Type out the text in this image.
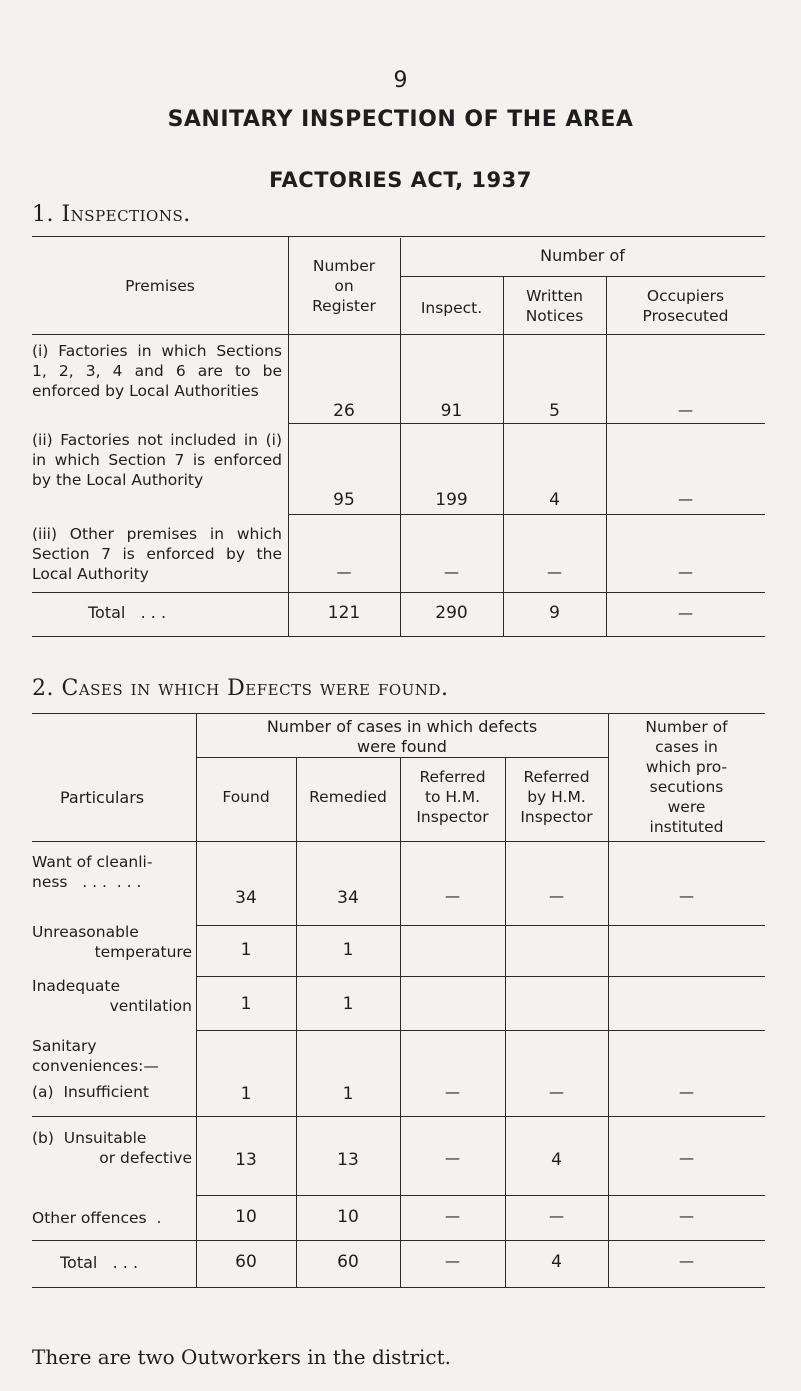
9
SANITARY INSPECTION OF THE AREA
FACTORIES ACT, 1937
1. Inspections.
Premises
Number
on
Register
Number of
Inspect.
Written
Notices
Occupiers
Prosecuted
(i) Factories in which Sections 1, 2, 3, 4 and 6 are to be enforced by Local Authorities
26	91	5	—
(ii) Factories not included in (i) in which Section 7 is enforced by the Local Authority
95	199	4	—
(iii) Other premises in which Section 7 is enforced by the Local Authority	—	—	—	—
Total   . . .	121	290	9	—
2. Cases in which Defects were found.
Particulars
Number of cases in which defects
were found
Found	Remedied
Referred
to H.M.
Inspector
Referred
by H.M.
Inspector
Number of
cases in
which pro-
secutions
were
instituted
Want of cleanli-
ness   . . .  . . .
34	34	—	—	—
Unreasonable

temperature	1	1
Inadequate

ventilation	1	1
Sanitary
conveniences:—
(a)  Insufficient	1	1	—	—	—
(b)  Unsuitable

or defective	13	13	—	4	—
Other offences  .	10	10	—	—	—
Total   . . .	60	60	—	4	—
There are two Outworkers in the district.
